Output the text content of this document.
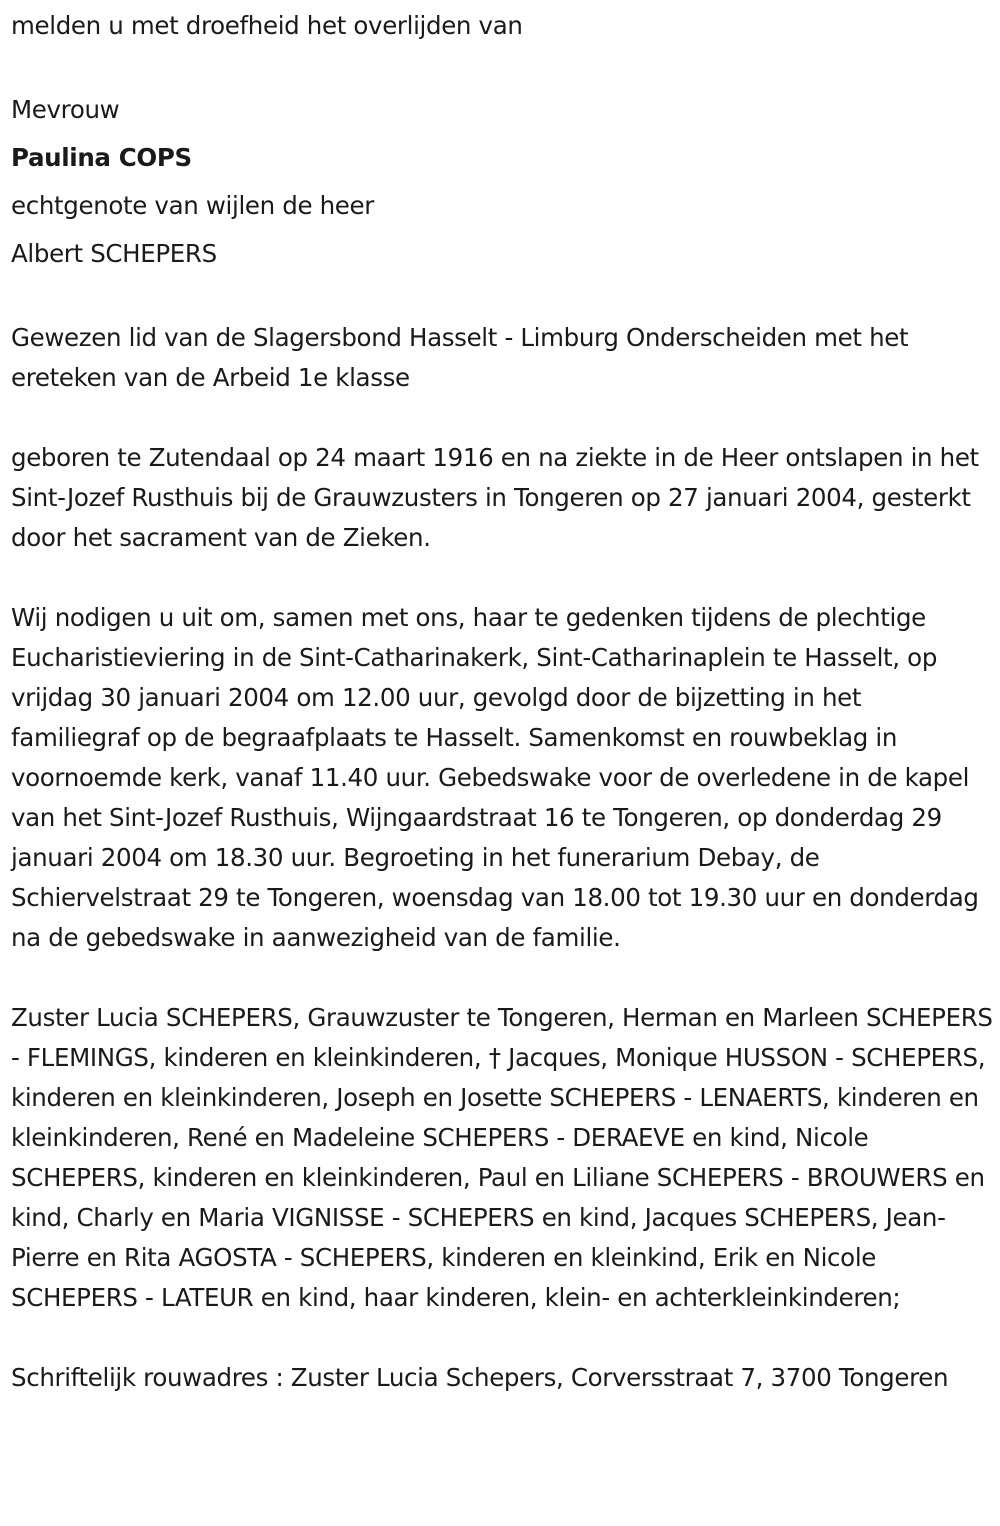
melden u met droefheid het overlijden van

Mevrouw
Paulina COPS
echtgenote van wijlen de heer
Albert SCHEPERS

Gewezen lid van de Slagersbond Hasselt - Limburg Onderscheiden met het ereteken van de Arbeid 1e klasse

geboren te Zutendaal op 24 maart 1916 en na ziekte in de Heer ontslapen in het Sint-Jozef Rusthuis bij de Grauwzusters in Tongeren op 27 januari 2004, gesterkt door het sacrament van de Zieken.

Wij nodigen u uit om, samen met ons, haar te gedenken tijdens de plechtige Eucharistieviering in de Sint-Catharinakerk, Sint-Catharinaplein te Hasselt, op vrijdag 30 januari 2004 om 12.00 uur, gevolgd door de bijzetting in het familiegraf op de begraafplaats te Hasselt. Samenkomst en rouwbeklag in voornoemde kerk, vanaf 11.40 uur. Gebedswake voor de overledene in de kapel van het Sint-Jozef Rusthuis, Wijngaardstraat 16 te Tongeren, op donderdag 29 januari 2004 om 18.30 uur. Begroeting in het funerarium Debay, de Schiervelstraat 29 te Tongeren, woensdag van 18.00 tot 19.30 uur en donderdag na de gebedswake in aanwezigheid van de familie.

Zuster Lucia SCHEPERS, Grauwzuster te Tongeren, Herman en Marleen SCHEPERS - FLEMINGS, kinderen en kleinkinderen, † Jacques, Monique HUSSON - SCHEPERS, kinderen en kleinkinderen, Joseph en Josette SCHEPERS - LENAERTS, kinderen en kleinkinderen, René en Madeleine SCHEPERS - DERAEVE en kind, Nicole SCHEPERS, kinderen en kleinkinderen, Paul en Liliane SCHEPERS - BROUWERS en kind, Charly en Maria VIGNISSE - SCHEPERS en kind, Jacques SCHEPERS, Jean-Pierre en Rita AGOSTA - SCHEPERS, kinderen en kleinkind, Erik en Nicole SCHEPERS - LATEUR en kind, haar kinderen, klein- en achterkleinkinderen;

Schriftelijk rouwadres : Zuster Lucia Schepers, Corversstraat 7, 3700 Tongeren
